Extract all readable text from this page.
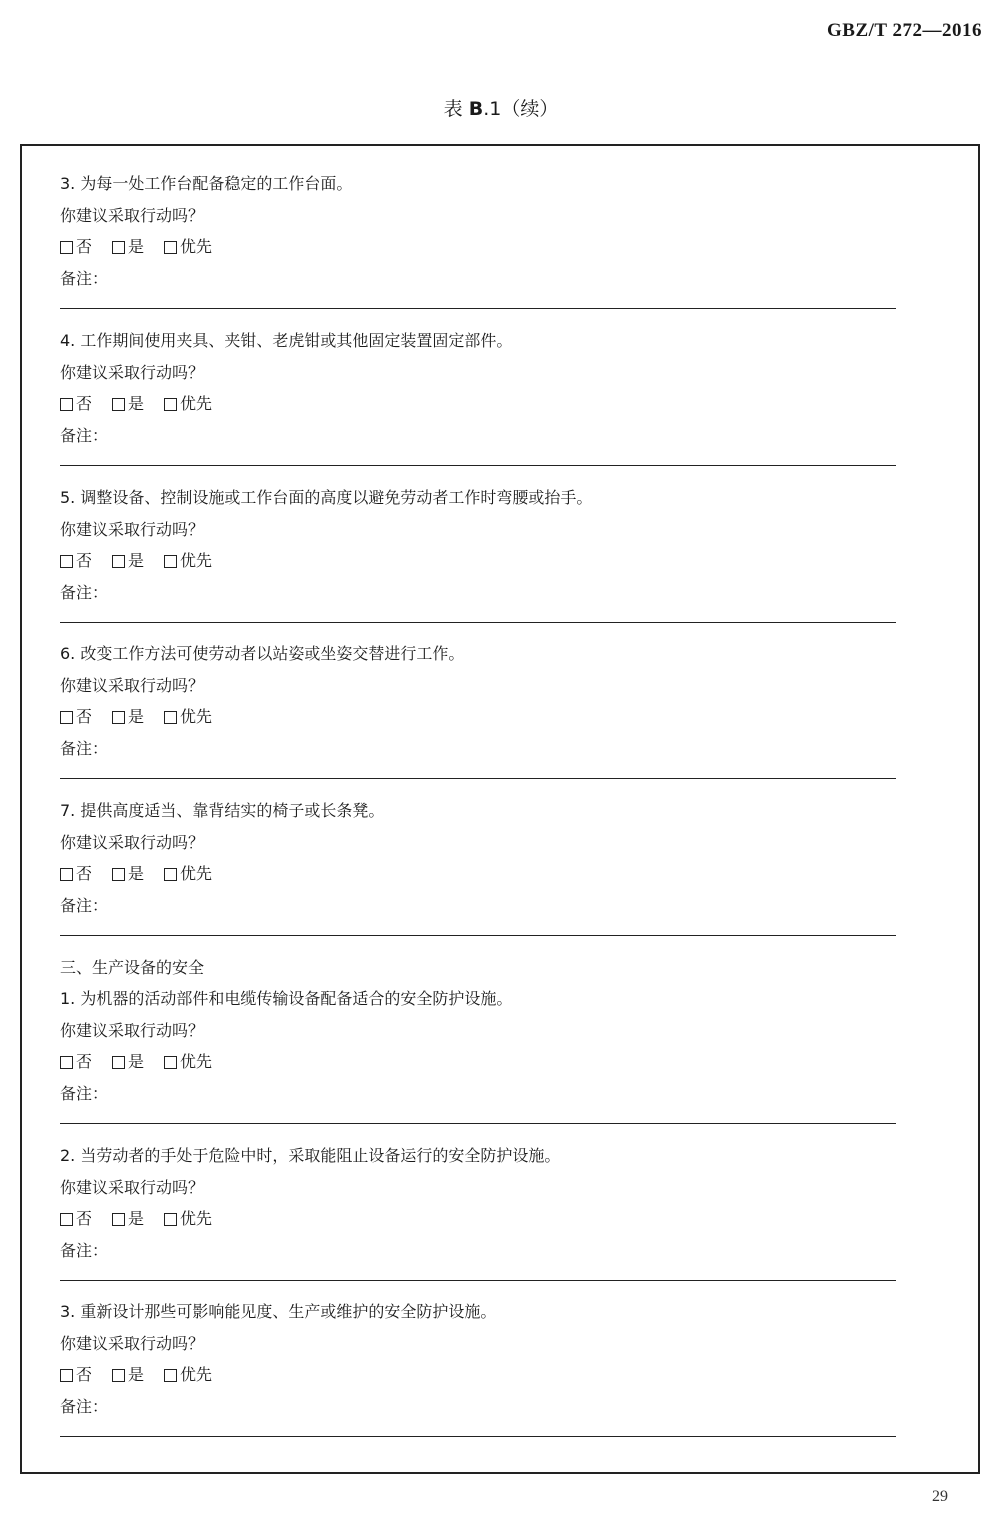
GBZ/T 272—2016
表 B.1（续）
3. 为每一处工作台配备稳定的工作台面。
你建议采取行动吗？
否 是 优先
备注：
4. 工作期间使用夹具、夹钳、老虎钳或其他固定装置固定部件。
你建议采取行动吗？
否 是 优先
备注：
5. 调整设备、控制设施或工作台面的高度以避免劳动者工作时弯腰或抬手。
你建议采取行动吗？
否 是 优先
备注：
6. 改变工作方法可使劳动者以站姿或坐姿交替进行工作。
你建议采取行动吗？
否 是 优先
备注：
7. 提供高度适当、靠背结实的椅子或长条凳。
你建议采取行动吗？
否 是 优先
备注：
三、生产设备的安全
1. 为机器的活动部件和电缆传输设备配备适合的安全防护设施。
你建议采取行动吗？
否 是 优先
备注：
2. 当劳动者的手处于危险中时，采取能阻止设备运行的安全防护设施。
你建议采取行动吗？
否 是 优先
备注：
3. 重新设计那些可影响能见度、生产或维护的安全防护设施。
你建议采取行动吗？
否 是 优先
备注：
29
